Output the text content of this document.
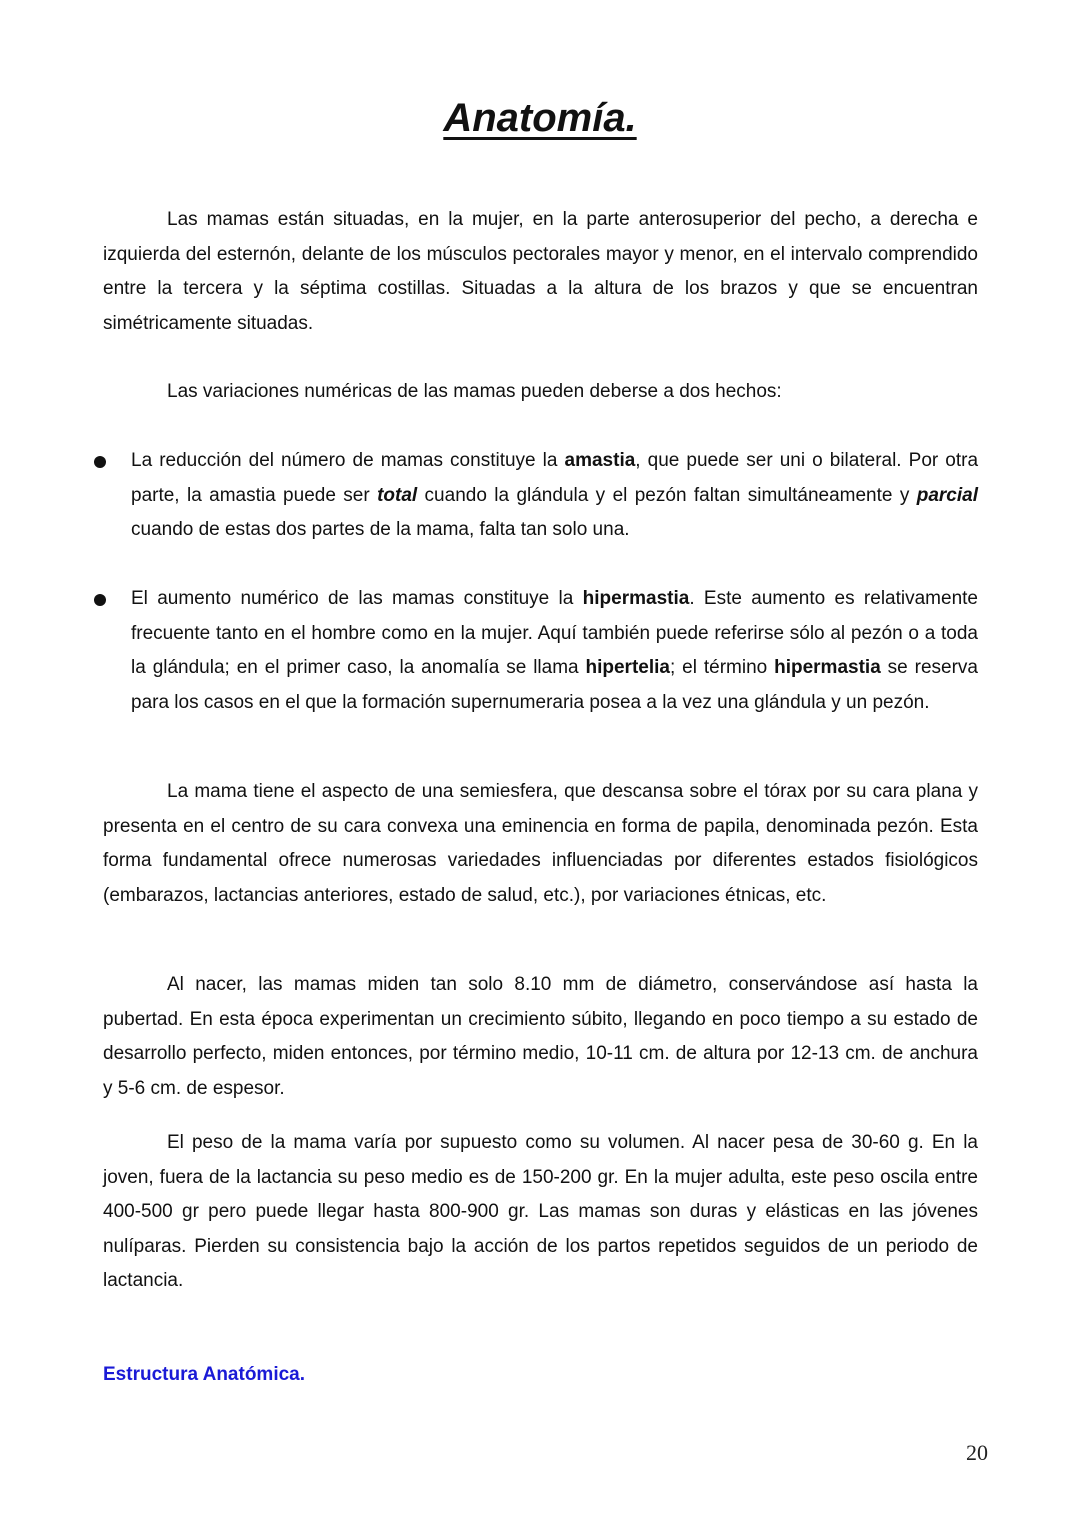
Anatomía.

Las mamas están situadas, en la mujer, en la parte anterosuperior del pecho, a derecha e izquierda del esternón, delante de los músculos pectorales mayor y menor, en el intervalo comprendido entre la tercera y la séptima costillas. Situadas a la altura de los brazos y que se encuentran simétricamente situadas.

Las variaciones numéricas de las mamas pueden deberse a dos hechos:

La reducción del número de mamas constituye la amastia, que puede ser uni o bilateral. Por otra parte, la amastia puede ser total cuando la glándula y el pezón faltan simultáneamente y parcial cuando de estas dos partes de la mama, falta tan solo una.

El aumento numérico de las mamas constituye la hipermastia. Este aumento es relativamente frecuente tanto en el hombre como en la mujer. Aquí también puede referirse sólo al pezón o a toda la glándula; en el primer caso, la anomalía se llama hipertelia; el término hipermastia se reserva para los casos en el que la formación supernumeraria posea a la vez una glándula y un pezón.

La mama tiene el aspecto de una semiesfera, que descansa sobre el tórax por su cara plana y presenta en el centro de su cara convexa una eminencia en forma de papila, denominada pezón. Esta forma fundamental ofrece numerosas variedades influenciadas por diferentes estados fisiológicos (embarazos, lactancias anteriores, estado de salud, etc.), por variaciones étnicas, etc.

Al nacer, las mamas miden tan solo 8.10 mm de diámetro, conservándose así hasta la pubertad. En esta época experimentan un crecimiento súbito, llegando en poco tiempo a su estado de desarrollo perfecto, miden entonces, por término medio, 10-11 cm. de altura por 12-13 cm. de anchura y 5-6 cm. de espesor.

El peso de la mama varía por supuesto como su volumen. Al nacer pesa de 30-60 g. En la joven, fuera de la lactancia su peso medio es de 150-200 gr. En la mujer adulta, este peso oscila entre 400-500 gr pero puede llegar hasta 800-900 gr. Las mamas son duras y elásticas en las jóvenes nulíparas. Pierden su consistencia bajo la acción de los partos repetidos seguidos de un periodo de lactancia.

Estructura Anatómica.
20
